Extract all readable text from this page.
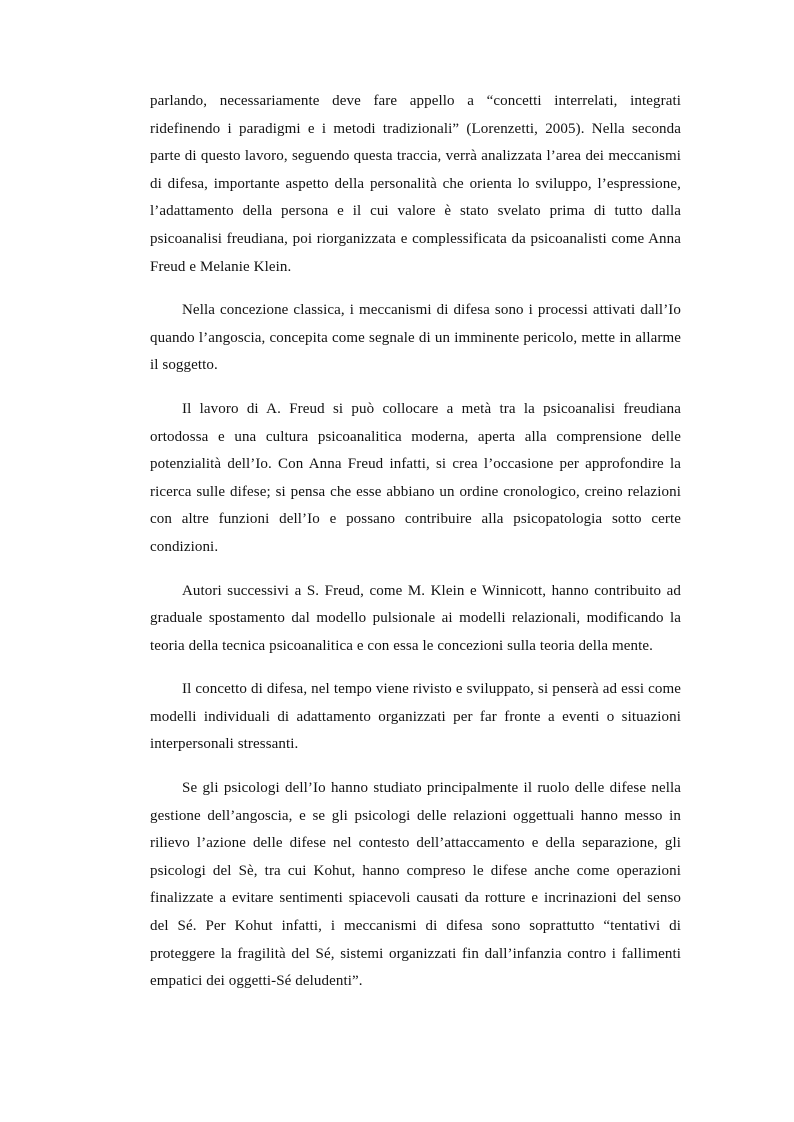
parlando, necessariamente deve fare appello a “concetti interrelati, integrati ridefinendo i paradigmi e i metodi tradizionali” (Lorenzetti, 2005). Nella seconda parte di questo lavoro, seguendo questa traccia, verrà analizzata l’area dei meccanismi di difesa, importante aspetto della personalità che orienta lo sviluppo, l’espressione, l’adattamento della persona e il cui valore è stato svelato prima di tutto dalla psicoanalisi freudiana, poi riorganizzata e complessificata da psicoanalisti come Anna Freud e Melanie Klein.

Nella concezione classica, i meccanismi di difesa sono i processi attivati dall’Io quando l’angoscia, concepita come segnale di un imminente pericolo, mette in allarme il soggetto.

Il lavoro di A. Freud si può collocare a metà tra la psicoanalisi freudiana ortodossa e una cultura psicoanalitica moderna, aperta alla comprensione delle potenzialità dell’Io. Con Anna Freud infatti, si crea l’occasione per approfondire la ricerca sulle difese; si pensa che esse abbiano un ordine cronologico, creino relazioni con altre funzioni dell’Io e possano contribuire alla psicopatologia sotto certe condizioni.

Autori successivi a S. Freud, come M. Klein e Winnicott, hanno contribuito ad graduale spostamento dal modello pulsionale ai modelli relazionali, modificando la teoria della tecnica psicoanalitica e con essa le concezioni sulla teoria della mente.

Il concetto di difesa, nel tempo viene rivisto e sviluppato, si penserà ad essi come modelli individuali di adattamento organizzati per far fronte a eventi o situazioni interpersonali stressanti.

Se gli psicologi dell’Io hanno studiato principalmente il ruolo delle difese nella gestione dell’angoscia, e se gli psicologi delle relazioni oggettuali hanno messo in rilievo l’azione delle difese nel contesto dell’attaccamento e della separazione, gli psicologi del Sè, tra cui Kohut, hanno compreso le difese anche come operazioni finalizzate a evitare sentimenti spiacevoli causati da rotture e incrinazioni del senso del Sé. Per Kohut infatti, i meccanismi di difesa sono soprattutto “tentativi di proteggere la fragilità del Sé, sistemi organizzati fin dall’infanzia contro i fallimenti empatici dei oggetti-Sé deludenti”.
